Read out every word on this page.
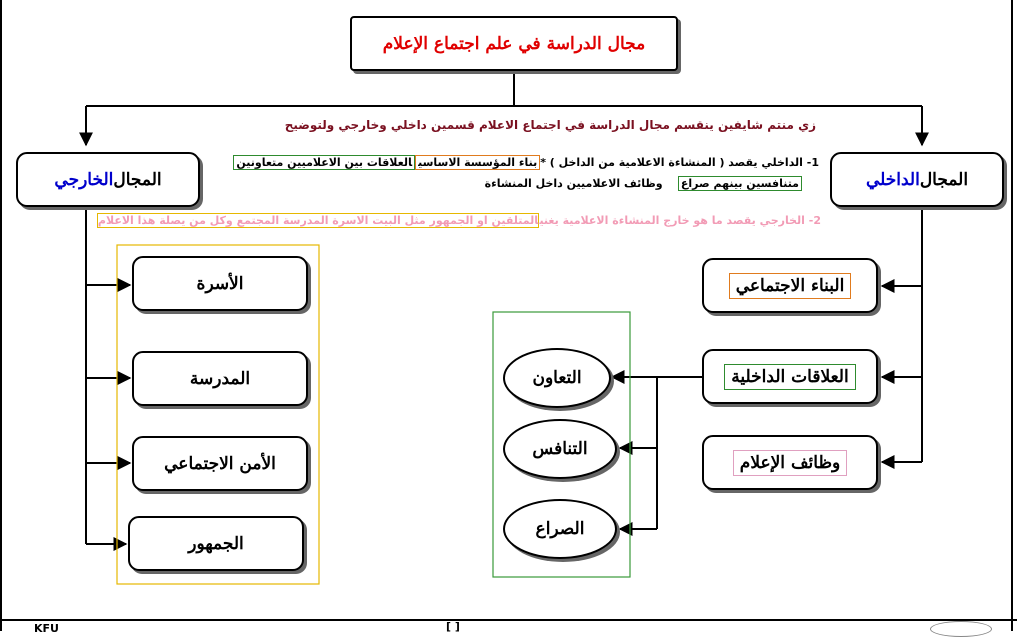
مجال الدراسة في علم اجتماع الإعلام
زي منتم شايفين ينقسم مجال الدراسة في اجتماع الاعلام قسمين داخلي وخارجي ولتوضيح
المجال
الخارجي	المجال
الداخلي
1- الداخلي يقصد ( المنشاءة الاعلامية من الداخل ) *بناء المؤسسة الاساسيالعلاقات بين الاعلاميين متعاونين
متنافسين بينهم صراع    وظائف الاعلاميين داخل المنشاءة
2- الخارجي يقصد ما هو خارج المنشاءة الاعلامية يغنيالمتلقين او الجمهور مثل البيت الاسرة المدرسة المجتمع وكل من يصلة هذا الاعلام
البناء الاجتماعي
العلاقات الداخلية
وظائف الإعلام
التعاون
التنافس
الصراع
الأسرة
المدرسة
الأمن الاجتماعي
الجمهور
KFU	[ ]
